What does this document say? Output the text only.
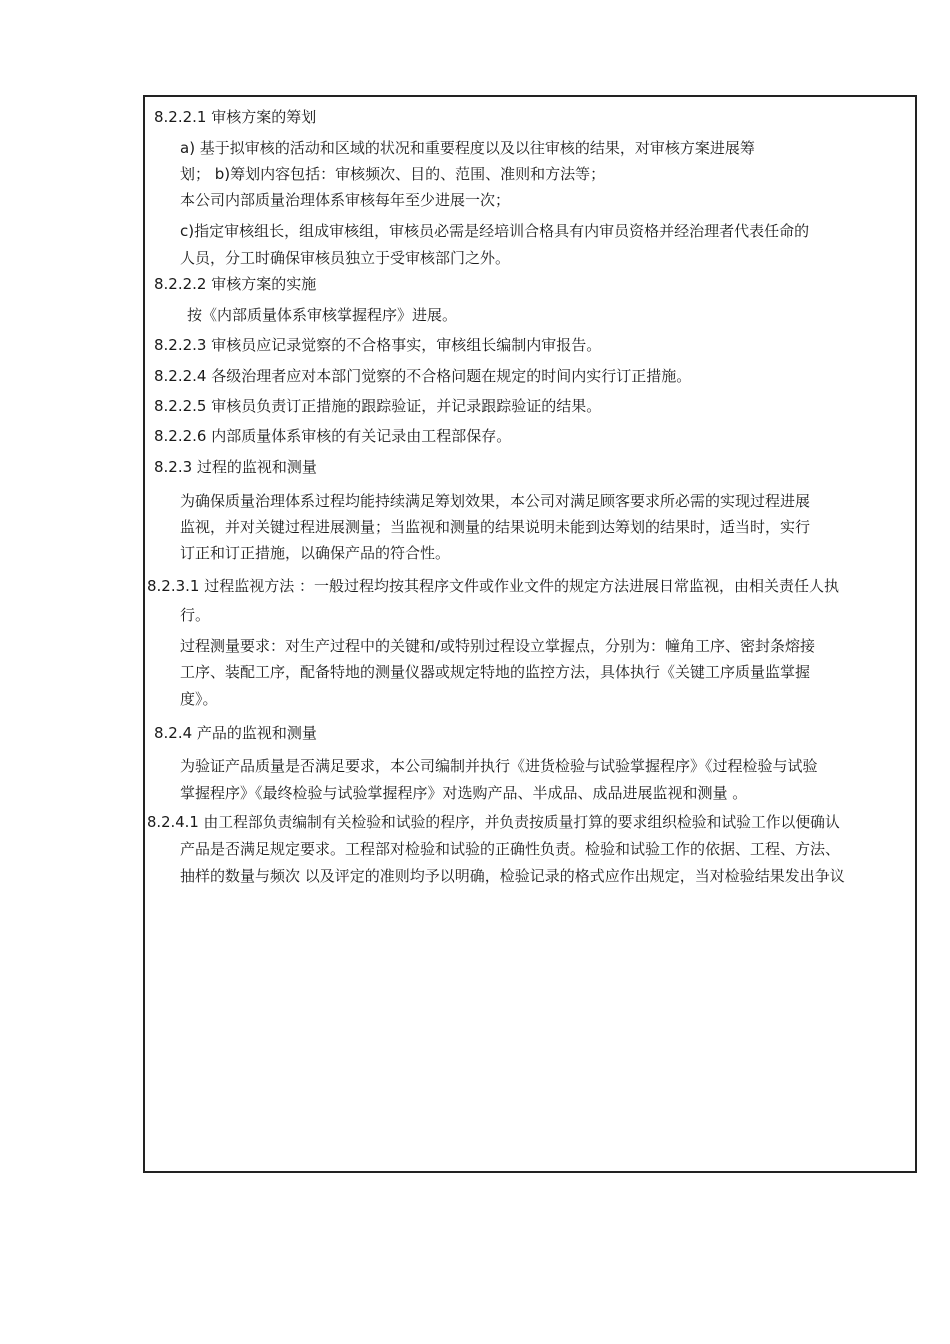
8.2.2.1 审核方案的筹划
a) 基于拟审核的活动和区域的状况和重要程度以及以往审核的结果，对审核方案进展筹
划； b)筹划内容包括：审核频次、目的、范围、准则和方法等；
本公司内部质量治理体系审核每年至少进展一次；
c)指定审核组长，组成审核组，审核员必需是经培训合格具有内审员资格并经治理者代表任命的
人员，分工时确保审核员独立于受审核部门之外。
8.2.2.2 审核方案的实施
按《内部质量体系审核掌握程序》进展。
8.2.2.3 审核员应记录觉察的不合格事实，审核组长编制内审报告。
8.2.2.4 各级治理者应对本部门觉察的不合格问题在规定的时间内实行订正措施。
8.2.2.5 审核员负责订正措施的跟踪验证，并记录跟踪验证的结果。
8.2.2.6 内部质量体系审核的有关记录由工程部保存。
8.2.3 过程的监视和测量
为确保质量治理体系过程均能持续满足筹划效果，本公司对满足顾客要求所必需的实现过程进展
监视，并对关键过程进展测量；当监视和测量的结果说明未能到达筹划的结果时，适当时，实行
订正和订正措施，以确保产品的符合性。
8.2.3.1 过程监视方法 ：一般过程均按其程序文件或作业文件的规定方法进展日常监视，由相关责任人执
行。
过程测量要求：对生产过程中的关键和/或特别过程设立掌握点，分别为：幢角工序、密封条熔接
工序、装配工序，配备特地的测量仪器或规定特地的监控方法，具体执行《关键工序质量监掌握
度》。
8.2.4 产品的监视和测量
为验证产品质量是否满足要求，本公司编制并执行《进货检验与试验掌握程序》《过程检验与试验
掌握程序》《最终检验与试验掌握程序》对选购产品、半成品、成品进展监视和测量 。
8.2.4.1 由工程部负责编制有关检验和试验的程序，并负责按质量打算的要求组织检验和试验工作以便确认
产品是否满足规定要求。工程部对检验和试验的正确性负责。检验和试验工作的依据、工程、方法、
抽样的数量与频次 以及评定的准则均予以明确，检验记录的格式应作出规定，当对检验结果发出争议
